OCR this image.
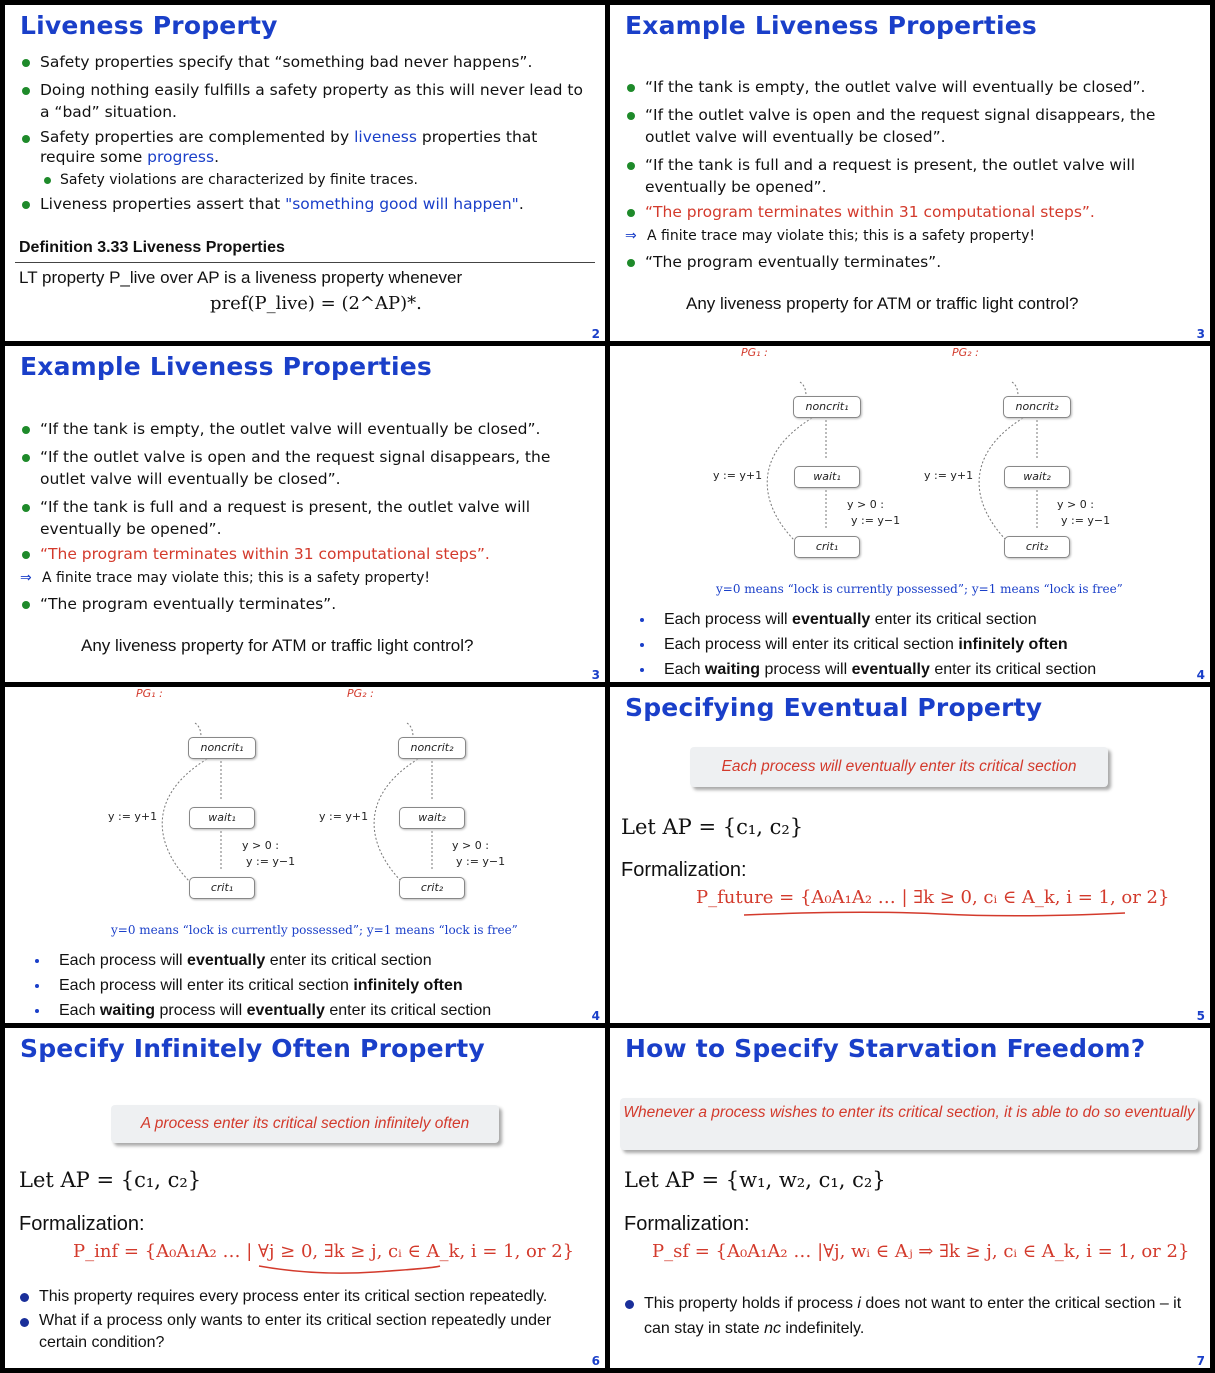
Liveness Property
Safety properties specify that “something bad never happens”.
Doing nothing easily fulfills a safety property as this will never lead to a “bad” situation.
Safety properties are complemented by liveness properties that require some progress.
Safety violations are characterized by finite traces.
Liveness properties assert that "something good will happen".
Definition 3.33 Liveness Properties
LT property P_live over AP is a liveness property whenever
pref(P_live) = (2^AP)*.
2
Example Liveness Properties
“If the tank is empty, the outlet valve will eventually be closed”.
“If the outlet valve is open and the request signal disappears, the outlet valve will eventually be closed”.
“If the tank is full and a request is present, the outlet valve will eventually be opened”.
“The program terminates within 31 computational steps”.
⇒ A finite trace may violate this; this is a safety property!
“The program eventually terminates”.
Any liveness property for ATM or traffic light control?
3
Example Liveness Properties
“If the tank is empty, the outlet valve will eventually be closed”.
“If the outlet valve is open and the request signal disappears, the outlet valve will eventually be closed”.
“If the tank is full and a request is present, the outlet valve will eventually be opened”.
“The program terminates within 31 computational steps”.
⇒ A finite trace may violate this; this is a safety property!
“The program eventually terminates”.
Any liveness property for ATM or traffic light control?
3
PG₁ :	PG₂ :
noncrit₁
wait₁
crit₁
noncrit₂
wait₂
crit₂
y := y+1
y > 0 :
y := y−1
y := y+1
y > 0 :
y := y−1
y=0 means “lock is currently possessed”; y=1 means “lock is free”
Each process will eventually enter its critical section
Each process will enter its critical section infinitely often
Each waiting process will eventually enter its critical section	4
PG₁ :	PG₂ :
noncrit₁
wait₁
crit₁
noncrit₂
wait₂
crit₂
y := y+1
y > 0 :
y := y−1
y := y+1
y > 0 :
y := y−1
y=0 means “lock is currently possessed”; y=1 means “lock is free”
Each process will eventually enter its critical section
Each process will enter its critical section infinitely often
Each waiting process will eventually enter its critical section	4
Specifying Eventual Property
Each process will eventually enter its critical section
Let AP = {c₁, c₂}
Formalization:
P_future = {A₀A₁A₂ … | ∃k ≥ 0, cᵢ ∈ A_k, i = 1, or 2}
5
Specify Infinitely Often Property
A process enter its critical section infinitely often
Let AP = {c₁, c₂}
Formalization:
P_inf = {A₀A₁A₂ … | ∀j ≥ 0, ∃k ≥ j, cᵢ ∈ A_k, i = 1, or 2}
This property requires every process enter its critical section repeatedly.
What if a process only wants to enter its critical section repeatedly under certain condition?
6
How to Specify Starvation Freedom?
Whenever a process wishes to enter its critical section, it is able to do so eventually
Let AP = {w₁, w₂, c₁, c₂}
Formalization:
P_sf = {A₀A₁A₂ … |∀j, wᵢ ∈ Aⱼ ⇒ ∃k ≥ j, cᵢ ∈ A_k, i = 1, or 2}
This property holds if process i does not want to enter the critical section – it can stay in state nc indefinitely.
7
